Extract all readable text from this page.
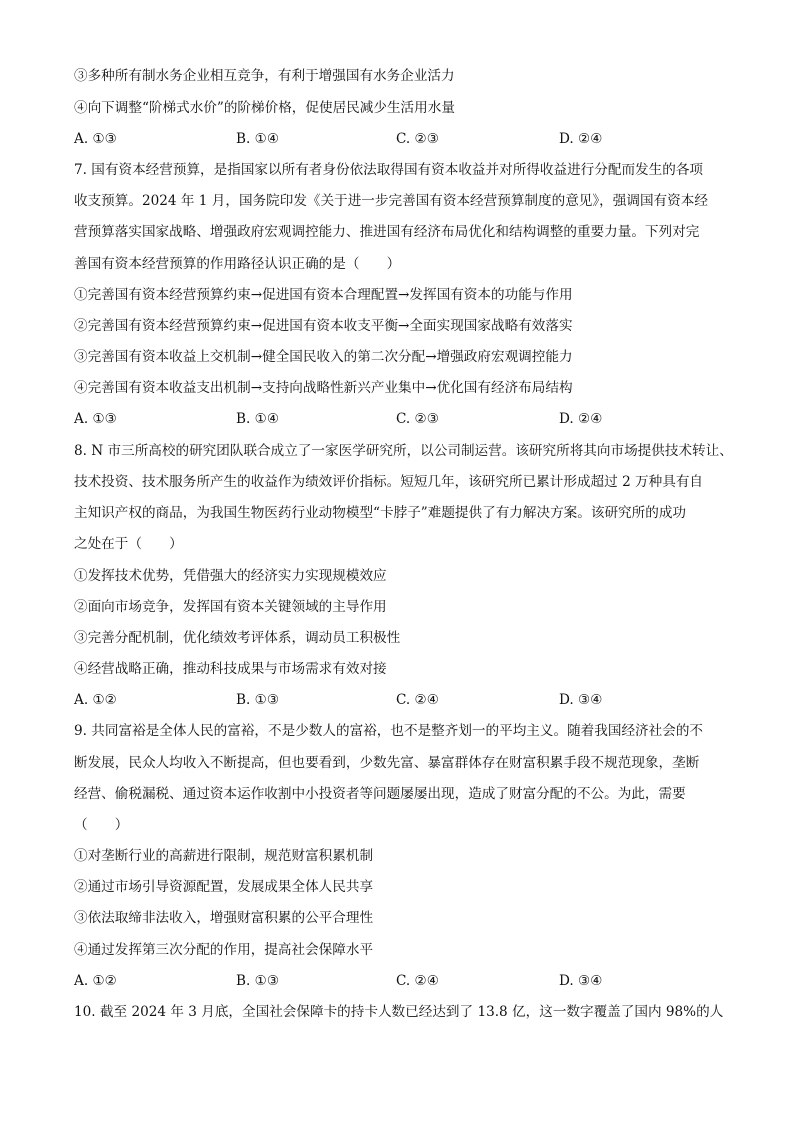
③多种所有制水务企业相互竞争，有利于增强国有水务企业活力
④向下调整“阶梯式水价”的阶梯价格，促使居民减少生活用水量
A. ①③	B. ①④	C. ②③	D. ②④
7. 国有资本经营预算，是指国家以所有者身份依法取得国有资本收益并对所得收益进行分配而发生的各项
收支预算。2024 年 1 月，国务院印发《关于进一步完善国有资本经营预算制度的意见》，强调国有资本经
营预算落实国家战略、增强政府宏观调控能力、推进国有经济布局优化和结构调整的重要力量。下列对完
善国有资本经营预算的作用路径认识正确的是（　　）
①完善国有资本经营预算约束→促进国有资本合理配置→发挥国有资本的功能与作用
②完善国有资本经营预算约束→促进国有资本收支平衡→全面实现国家战略有效落实
③完善国有资本收益上交机制→健全国民收入的第二次分配→增强政府宏观调控能力
④完善国有资本收益支出机制→支持向战略性新兴产业集中→优化国有经济布局结构
A. ①③	B. ①④	C. ②③	D. ②④
8. N 市三所高校的研究团队联合成立了一家医学研究所，以公司制运营。该研究所将其向市场提供技术转让、
技术投资、技术服务所产生的收益作为绩效评价指标。短短几年，该研究所已累计形成超过 2 万种具有自
主知识产权的商品，为我国生物医药行业动物模型“卡脖子”难题提供了有力解决方案。该研究所的成功
之处在于（　　）
①发挥技术优势，凭借强大的经济实力实现规模效应
②面向市场竞争，发挥国有资本关键领域的主导作用
③完善分配机制，优化绩效考评体系，调动员工积极性
④经营战略正确，推动科技成果与市场需求有效对接
A. ①②	B. ①③	C. ②④	D. ③④
9. 共同富裕是全体人民的富裕，不是少数人的富裕，也不是整齐划一的平均主义。随着我国经济社会的不
断发展，民众人均收入不断提高，但也要看到，少数先富、暴富群体存在财富积累手段不规范现象，垄断
经营、偷税漏税、通过资本运作收割中小投资者等问题屡屡出现，造成了财富分配的不公。为此，需要
（　　）
①对垄断行业的高薪进行限制，规范财富积累机制
②通过市场引导资源配置，发展成果全体人民共享
③依法取缔非法收入，增强财富积累的公平合理性
④通过发挥第三次分配的作用，提高社会保障水平
A. ①②	B. ①③	C. ②④	D. ③④
10. 截至 2024 年 3 月底，全国社会保障卡的持卡人数已经达到了 13.8 亿，这一数字覆盖了国内 98%的人
